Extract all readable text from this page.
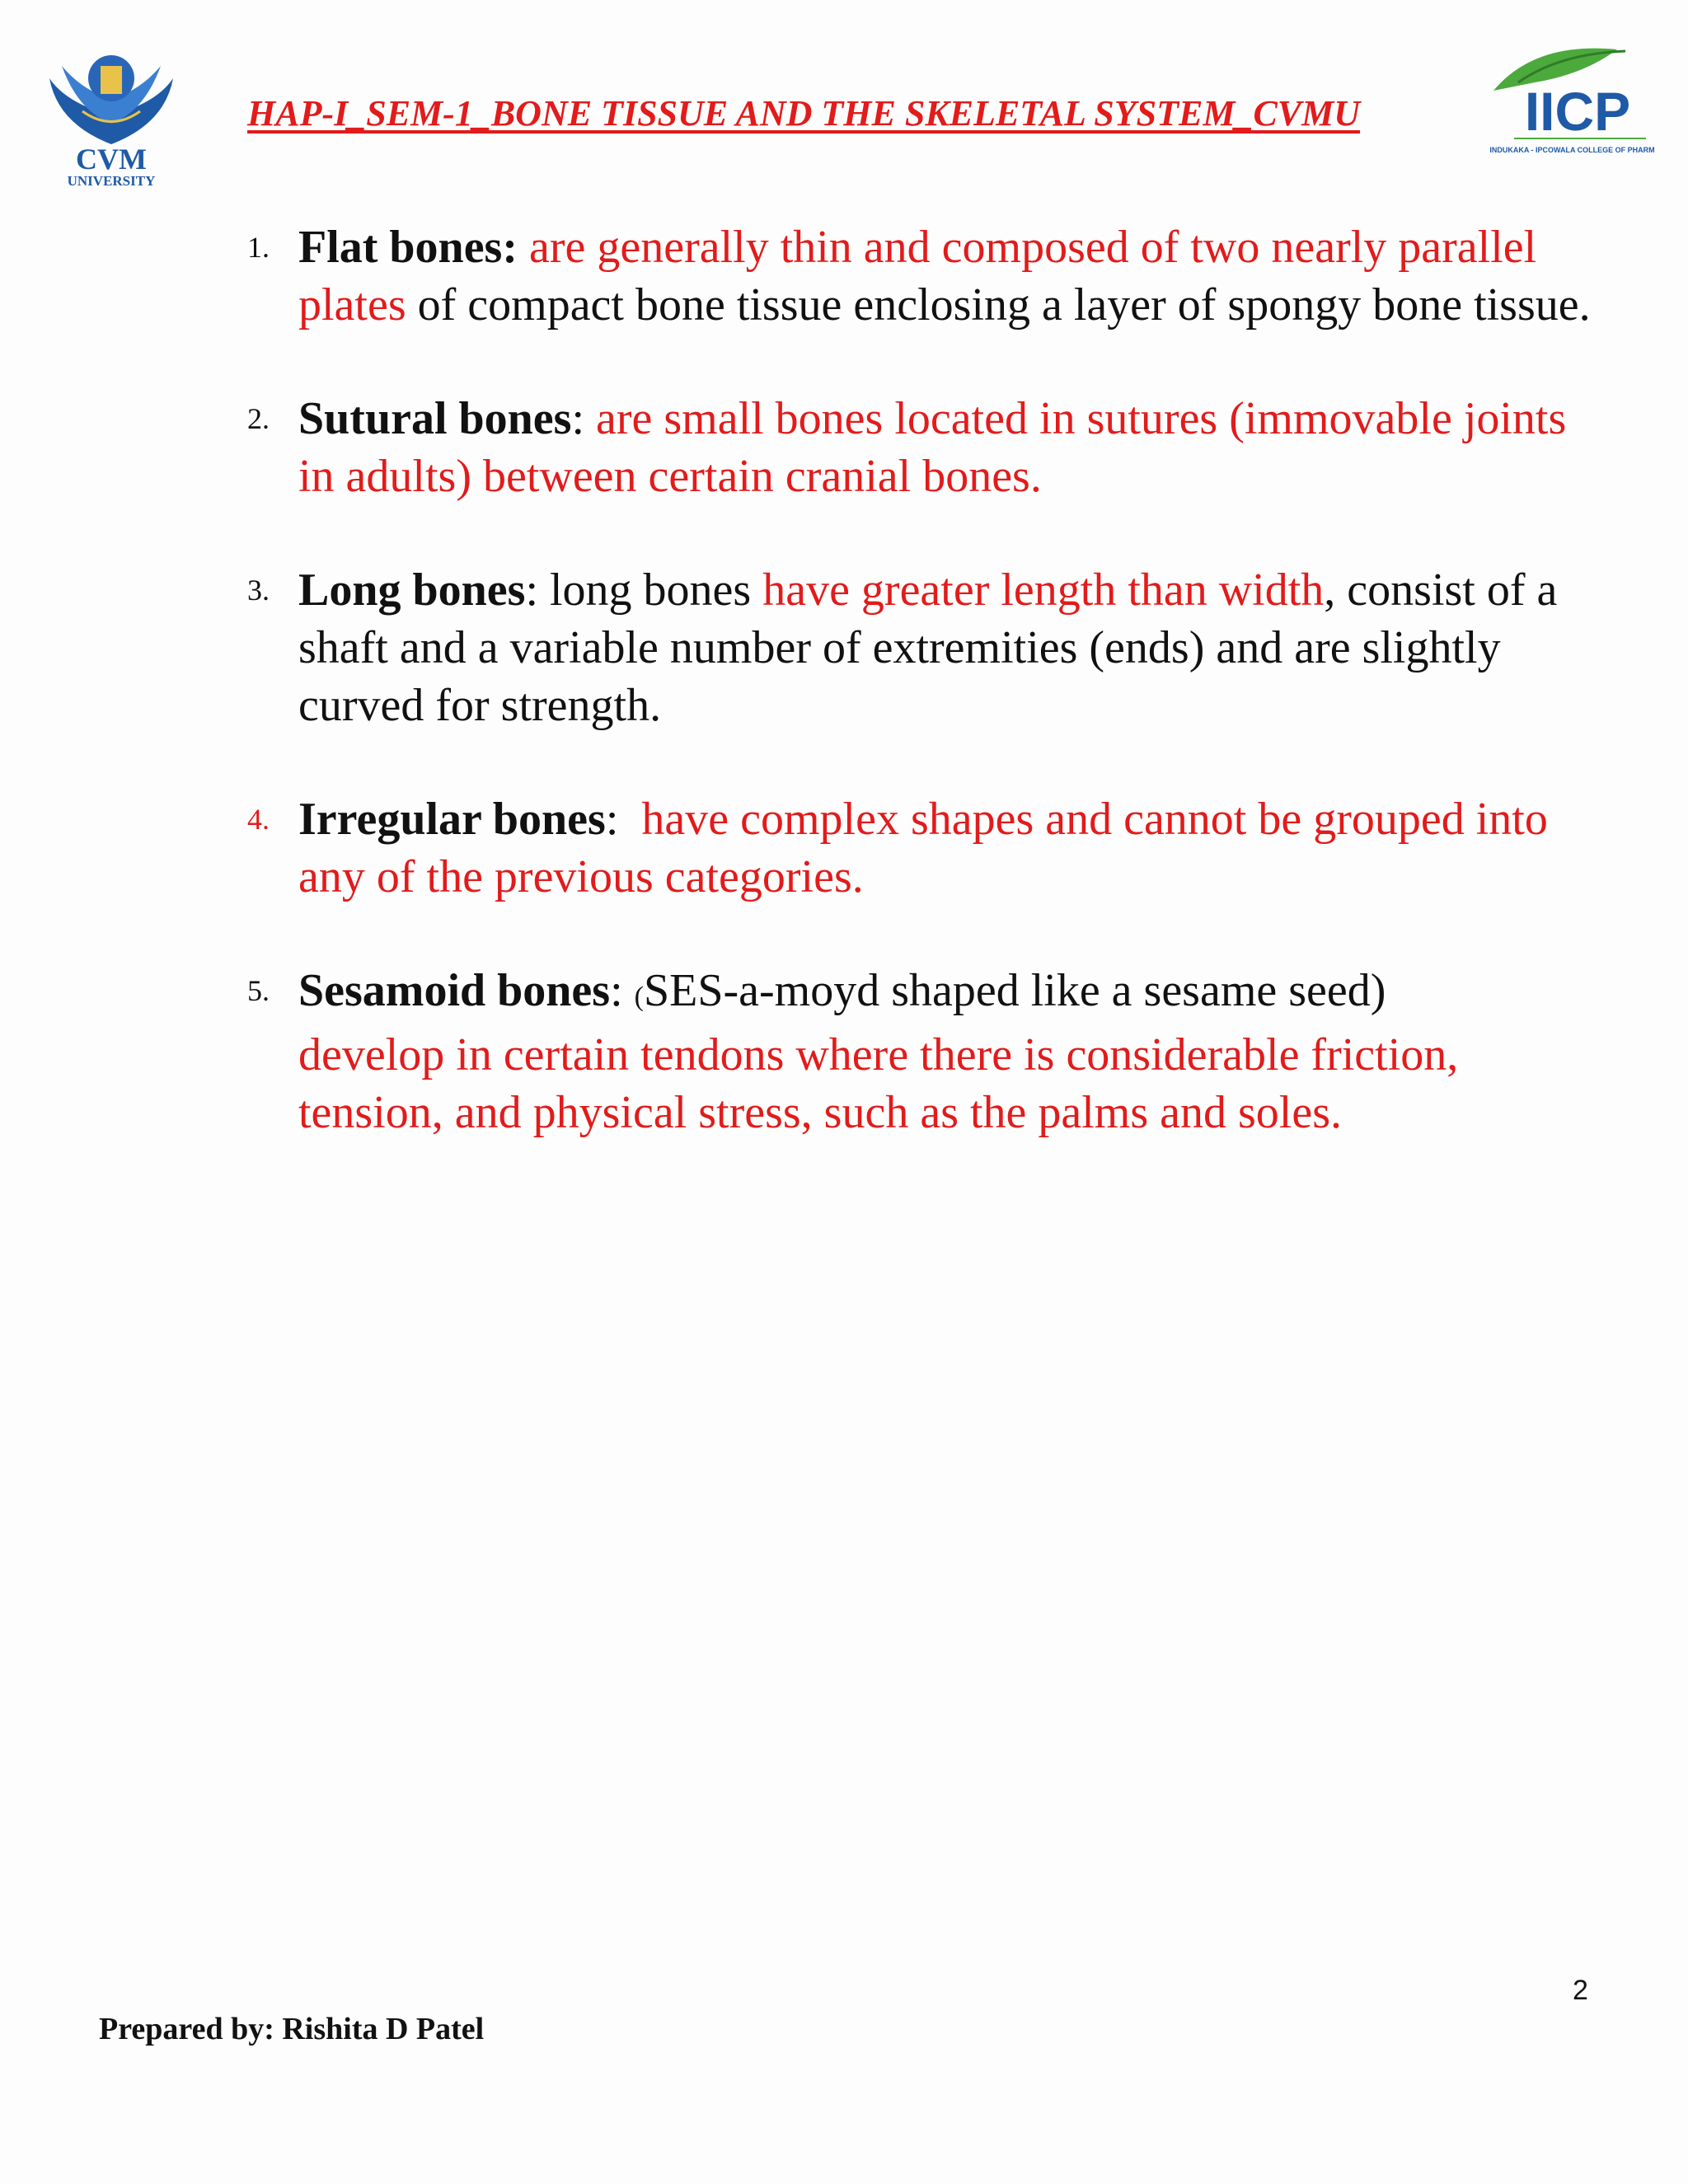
CVM
UNIVERSITY
HAP-I_SEM-1_BONE TISSUE AND THE SKELETAL SYSTEM_CVMU	IICP
INDUKAKA - IPCOWALA COLLEGE OF PHARMACY
1. Flat bones: are generally thin and composed of two nearly parallel plates of compact bone tissue enclosing a layer of spongy bone tissue.
2. Sutural bones: are small bones located in sutures (immovable joints in adults) between certain cranial bones.
3. Long bones: long bones have greater length than width, consist of a shaft and a variable number of extremities (ends) and are slightly curved for strength.
4. Irregular bones:  have complex shapes and cannot be grouped into any of the previous categories.
5. Sesamoid bones: (SES-a-moyd shaped like a sesame seed)
develop in certain tendons where there is considerable friction, tension, and physical stress, such as the palms and soles.
2
Prepared by: Rishita D Patel
